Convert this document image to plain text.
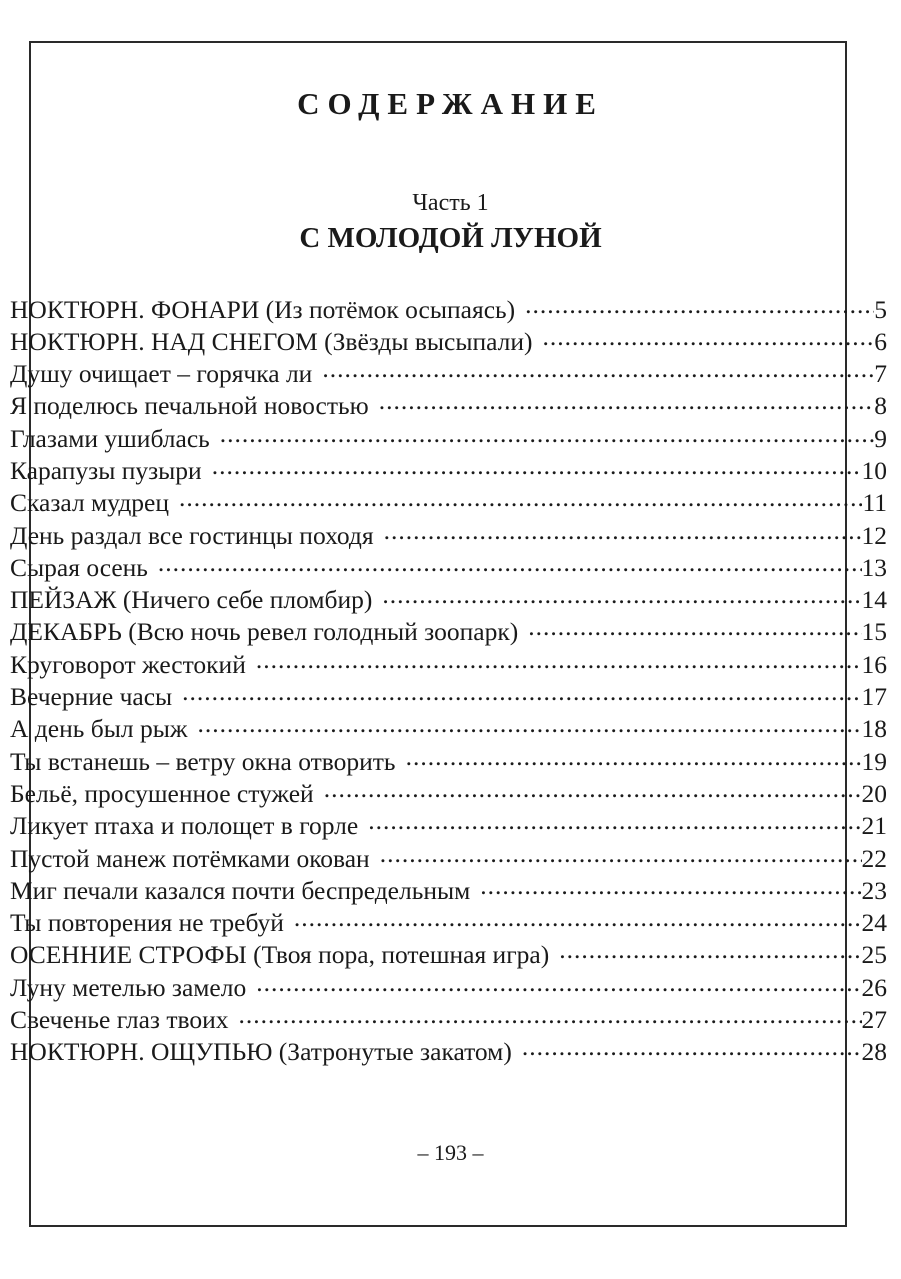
СОДЕРЖАНИЕ
Часть 1
С МОЛОДОЙ ЛУНОЙ
НОКТЮРН. ФОНАРИ (Из потёмок осыпаясь) .....	5
НОКТЮРН. НАД СНЕГОМ (Звёзды высыпали) .....	6
Душу очищает – горячка ли .....	7
Я поделюсь печальной новостью .....	8
Глазами ушиблась .....	9
Карапузы пузыри .....	10
Сказал мудрец .....	11
День раздал все гостинцы походя .....	12
Сырая осень .....	13
ПЕЙЗАЖ (Ничего себе пломбир) .....	14
ДЕКАБРЬ (Всю ночь ревел голодный зоопарк) .....	15
Круговорот жестокий .....	16
Вечерние часы .....	17
А день был рыж .....	18
Ты встанешь – ветру окна отворить .....	19
Бельё, просушенное стужей .....	20
Ликует птаха и полощет в горле .....	21
Пустой манеж потёмками окован .....	22
Миг печали казался почти беспредельным .....	23
Ты повторения не требуй .....	24
ОСЕННИЕ СТРОФЫ (Твоя пора, потешная игра) .....	25
Луну метелью замело .....	26
Свеченье глаз твоих .....	27
НОКТЮРН. ОЩУПЬЮ (Затронутые закатом) .....	28
– 193 –
